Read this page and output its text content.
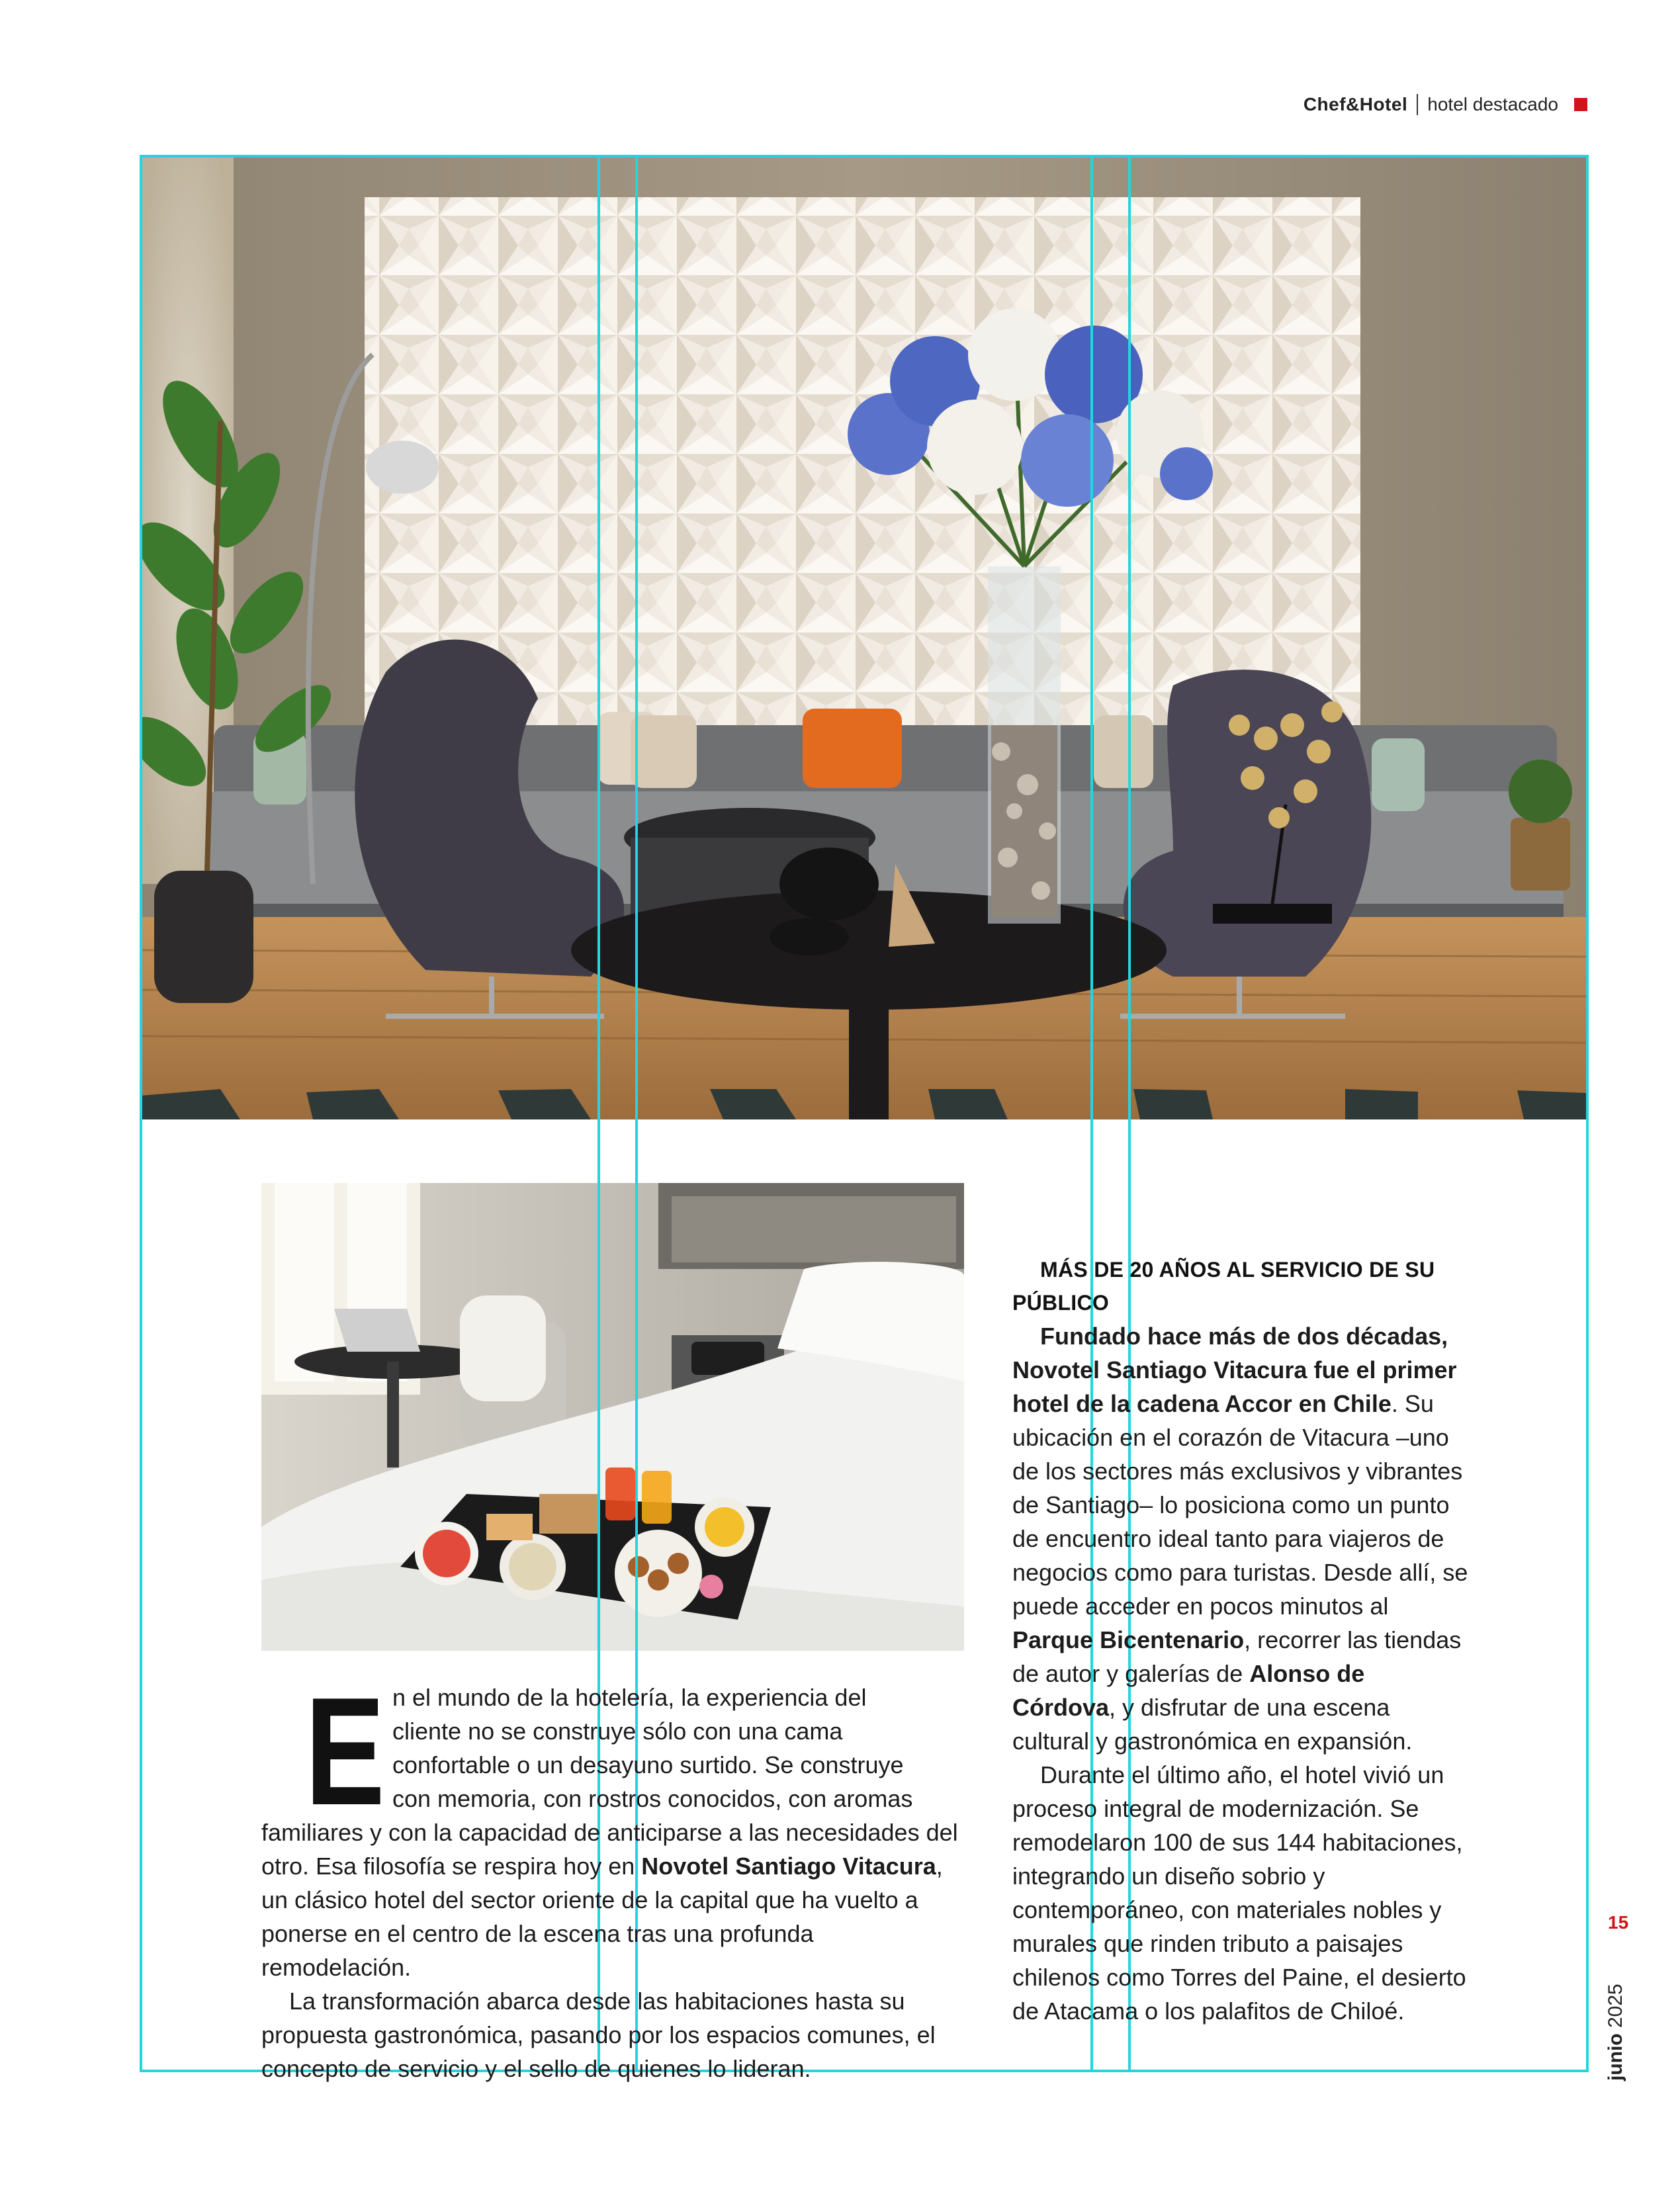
Chef&Hotel hotel destacado
E n el mundo de la hotelería, la experiencia del
cliente no se construye sólo con una cama
confortable o un desayuno surtido. Se construye
con memoria, con rostros conocidos, con aromas

familiares y con la capacidad de anticiparse a las necesidades del otro. Esa filosofía se respira hoy en Novotel Santiago Vitacura, un clásico hotel del sector oriente de la capital que ha vuelto a ponerse en el centro de la escena tras una profunda remodelación.

La transformación abarca desde las habitaciones hasta su propuesta gastronómica, pasando por los espacios comunes, el concepto de servicio y el sello de quienes lo lideran.

MÁS DE 20 AÑOS AL SERVICIO DE SU PÚBLICO

Fundado hace más de dos décadas, Novotel Santiago Vitacura fue el primer hotel de la cadena Accor en Chile. Su ubicación en el corazón de Vitacura –uno de los sectores más exclusivos y vibrantes de Santiago– lo posiciona como un punto de encuentro ideal tanto para viajeros de negocios como para turistas. Desde allí, se puede acceder en pocos minutos al Parque Bicentenario, recorrer las tiendas de autor y galerías de Alonso de Córdova, y disfrutar de una escena cultural y gastronómica en expansión.

Durante el último año, el hotel vivió un proceso integral de modernización. Se remodelaron 100 de sus 144 habitaciones, integrando un diseño sobrio y contemporáneo, con materiales nobles y murales que rinden tributo a paisajes chilenos como Torres del Paine, el desierto de Atacama o los palafitos de Chiloé.

15
junio 2025
